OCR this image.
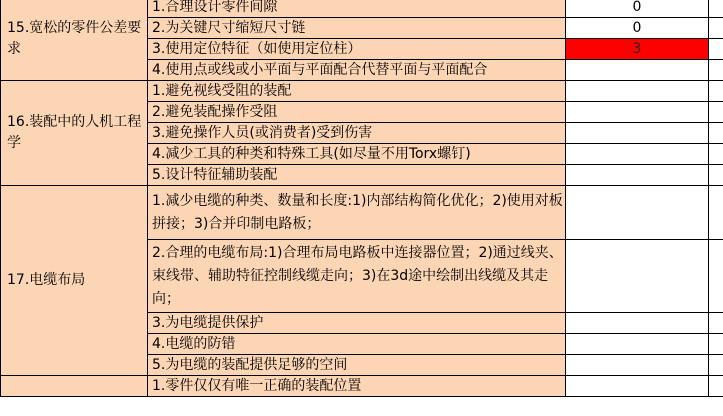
15.宽松的零件公差要求	1.合理设计零件间隙	0	
	2.为关键尺寸缩短尺寸链	0	
	3.使用定位特征（如使用定位柱）	3	
	4.使用点或线或小平面与平面配合代替平面与平面配合		
16.装配中的人机工程学	1.避免视线受阻的装配		
	2.避免装配操作受阻		
	3.避免操作人员(或消费者)受到伤害		
	4.减少工具的种类和特殊工具(如尽量不用Torx螺钉)		
	5.设计特征辅助装配		
17.电缆布局	1.减少电缆的种类、数量和长度:1)内部结构简化优化；2)使用对板拼接；3)合并印制电路板；		
	2.合理的电缆布局:1)合理布局电路板中连接器位置；2)通过线夹、束线带、辅助特征控制线缆走向；3)在3d途中绘制出线缆及其走向；		
	3.为电缆提供保护		
	4.电缆的防错		
	5.为电缆的装配提供足够的空间		
	1.零件仅仅有唯一正确的装配位置		
